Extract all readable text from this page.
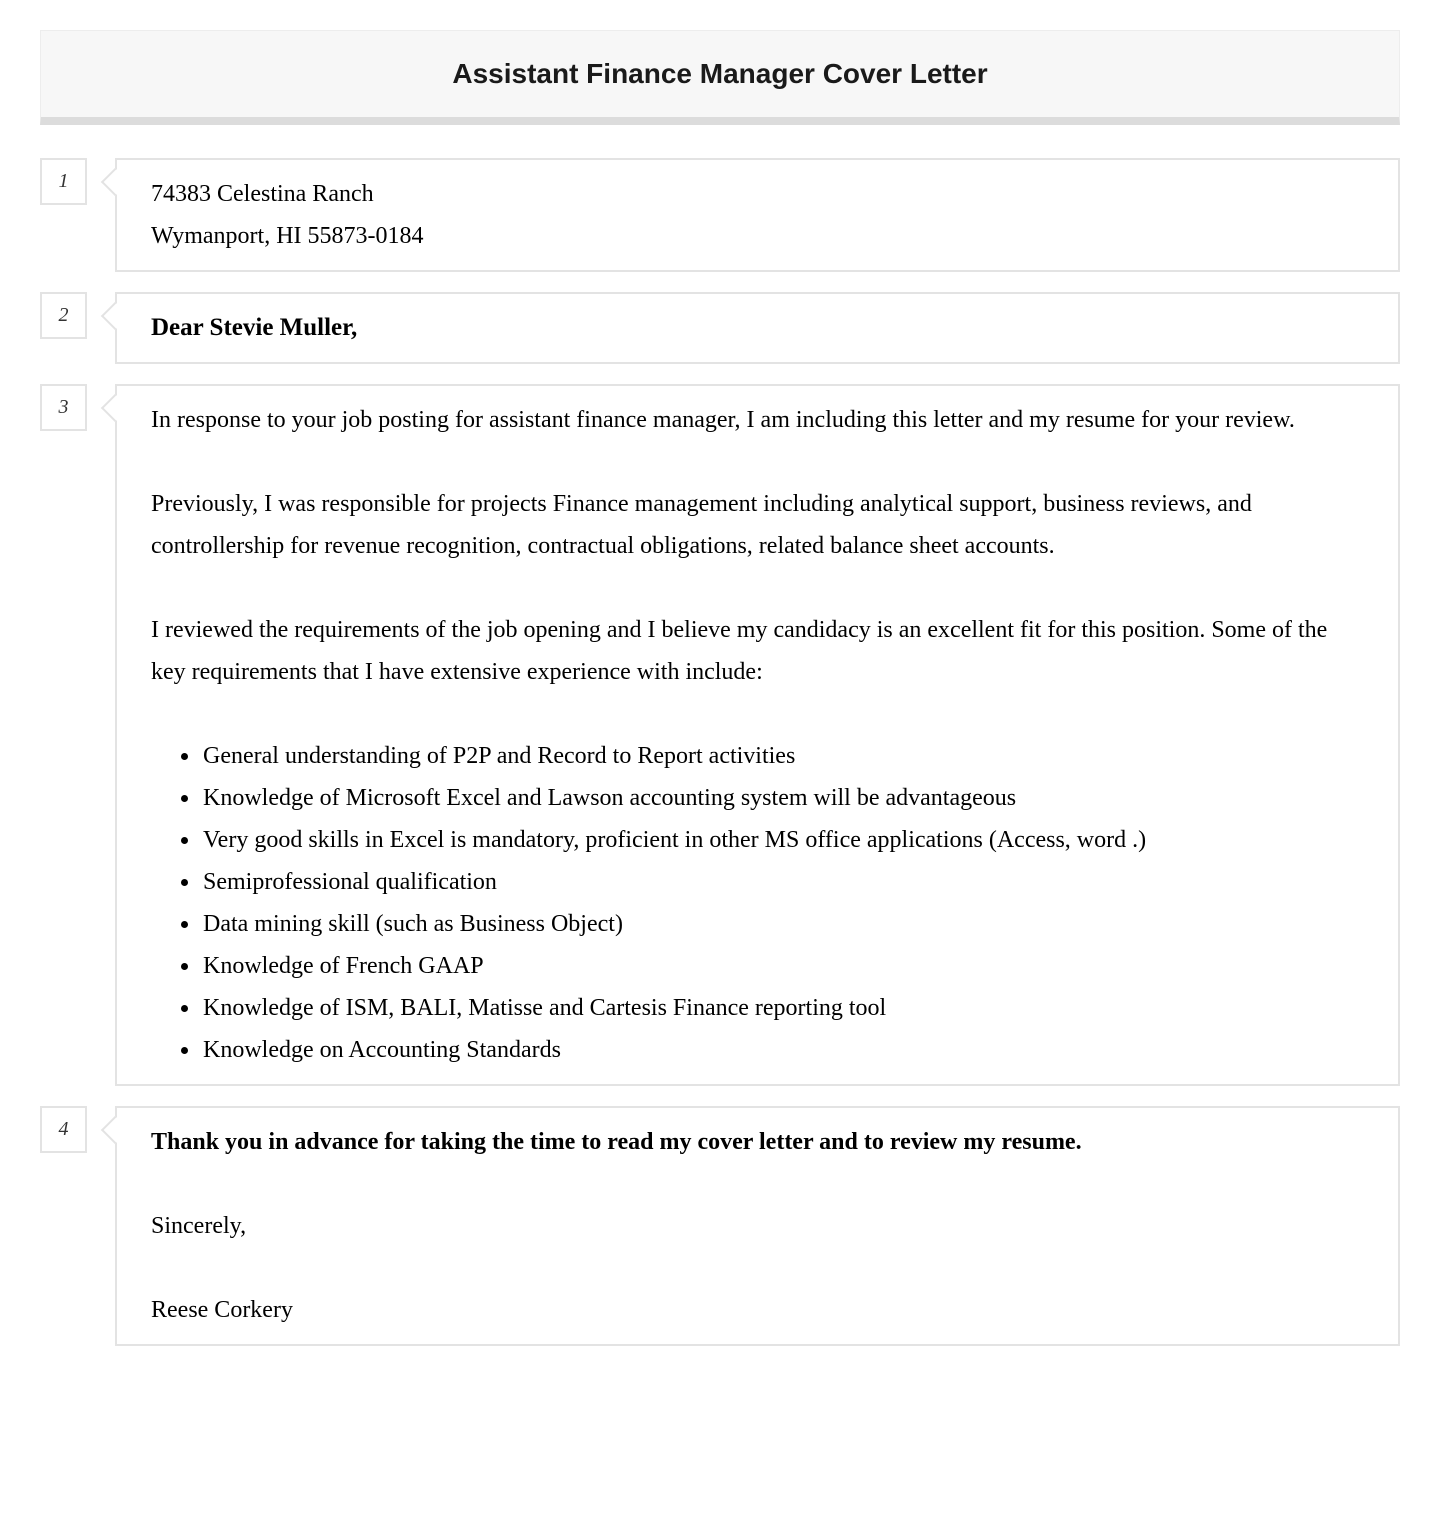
Assistant Finance Manager Cover Letter
1	74383 Celestina Ranch

Wymanport, HI 55873-0184

2	Dear Stevie Muller,

3	In response to your job posting for assistant finance manager, I am including this letter and my resume for your review.

Previously, I was responsible for projects Finance management including analytical support, business reviews, and controllership for revenue recognition, contractual obligations, related balance sheet accounts.

I reviewed the requirements of the job opening and I believe my candidacy is an excellent fit for this position. Some of the key requirements that I have extensive experience with include:

• General understanding of P2P and Record to Report activities
• Knowledge of Microsoft Excel and Lawson accounting system will be advantageous
• Very good skills in Excel is mandatory, proficient in other MS office applications (Access, word .)
• Semiprofessional qualification
• Data mining skill (such as Business Object)
• Knowledge of French GAAP
• Knowledge of ISM, BALI, Matisse and Cartesis Finance reporting tool
• Knowledge on Accounting Standards
4	Thank you in advance for taking the time to read my cover letter and to review my resume.

Sincerely,

Reese Corkery
